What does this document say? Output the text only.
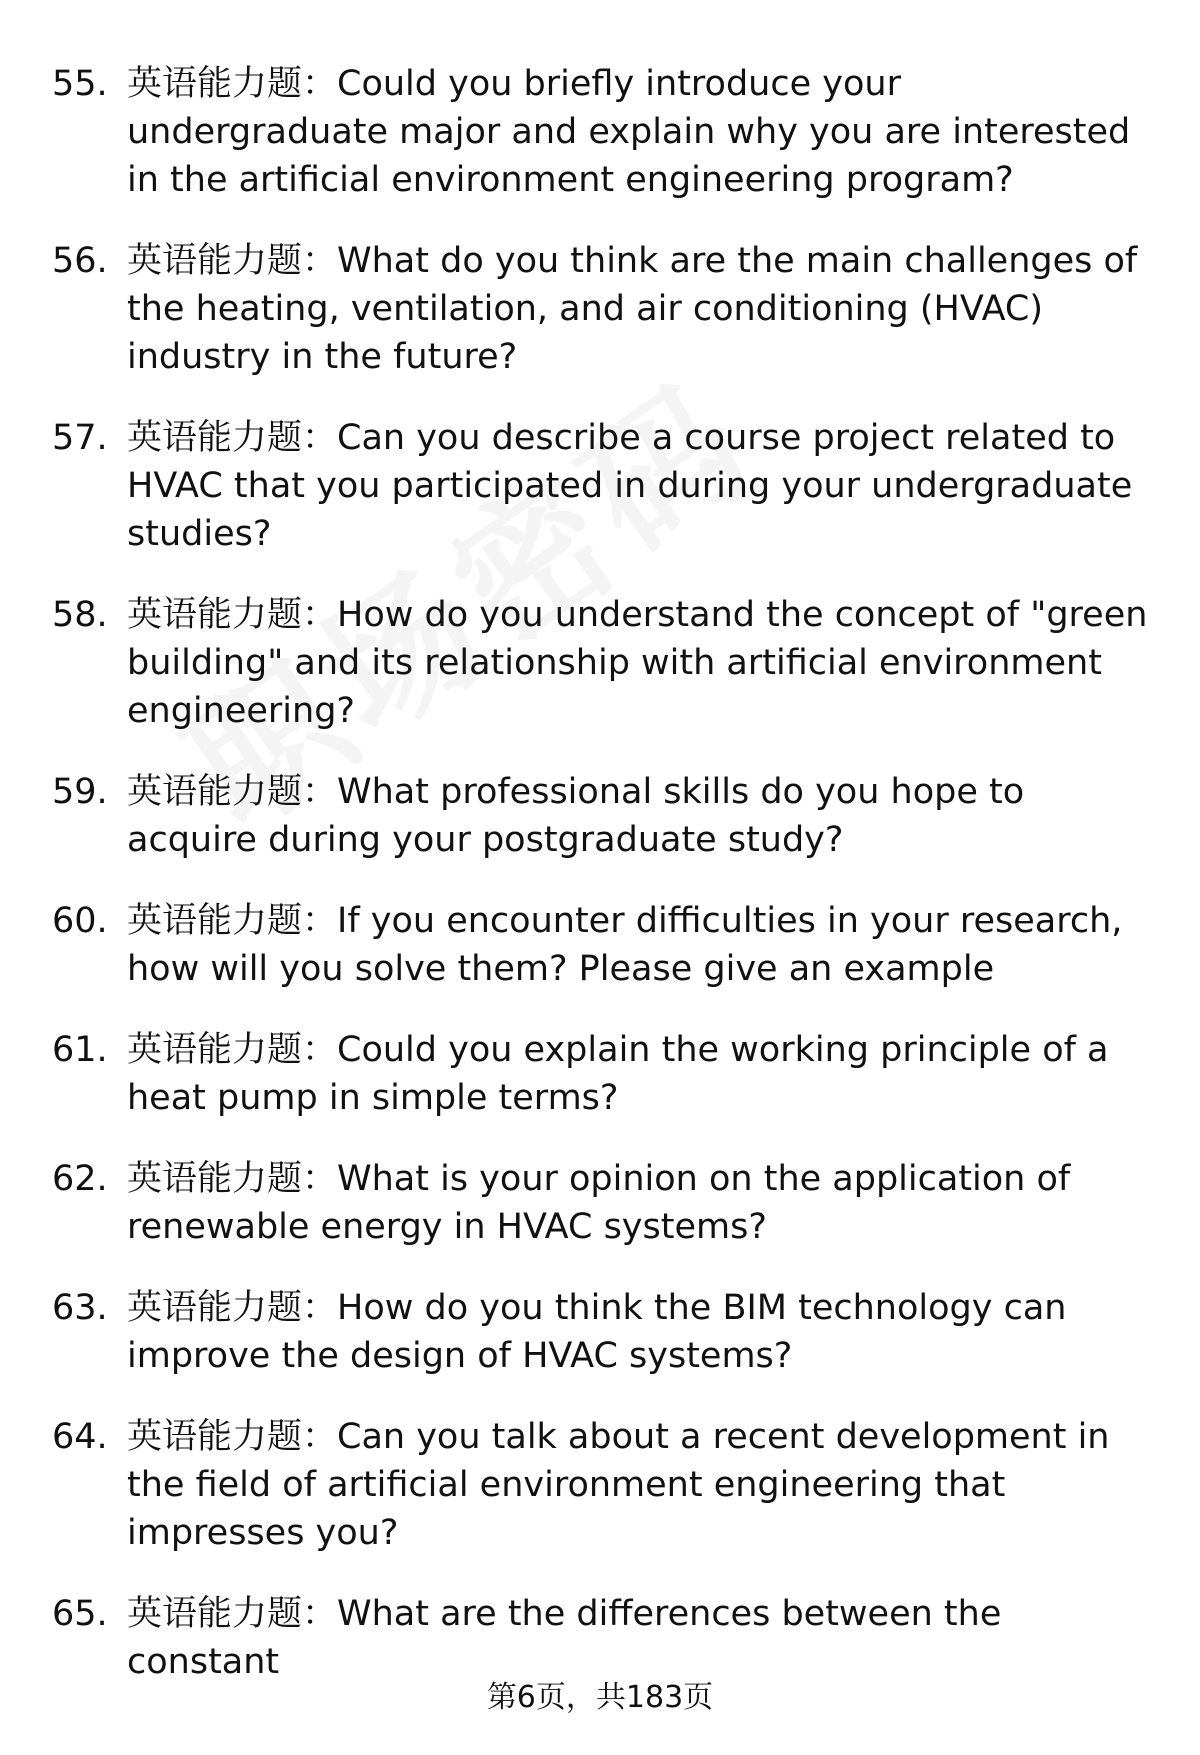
55. 英语能力题：Could you briefly introduce your undergraduate major and explain why you are interested in the artificial environment engineering program?
56. 英语能力题：What do you think are the main challenges of the heating, ventilation, and air conditioning (HVAC) industry in the future?
57. 英语能力题：Can you describe a course project related to HVAC that you participated in during your undergraduate studies?
58. 英语能力题：How do you understand the concept of "green building" and its relationship with artificial environment engineering?
59. 英语能力题：What professional skills do you hope to acquire during your postgraduate study?
60. 英语能力题：If you encounter difficulties in your research, how will you solve them? Please give an example
61. 英语能力题：Could you explain the working principle of a heat pump in simple terms?
62. 英语能力题：What is your opinion on the application of renewable energy in HVAC systems?
63. 英语能力题：How do you think the BIM technology can improve the design of HVAC systems?
64. 英语能力题：Can you talk about a recent development in the field of artificial environment engineering that impresses you?
65. 英语能力题：What are the differences between the constant
第6页，共183页
